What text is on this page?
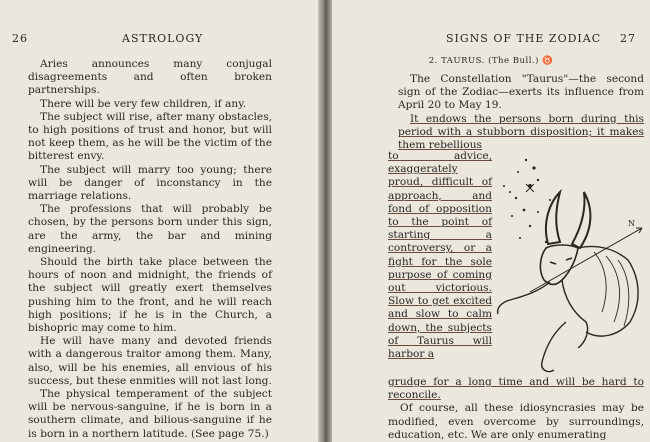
26	ASTROLOGY

Aries announces many conjugal disagreements and often broken partnerships.

There will be very few children, if any.

The subject will rise, after many obstacles, to high positions of trust and honor, but will not keep them, as he will be the victim of the bitterest envy.

The subject will marry too young; there will be danger of inconstancy in the marriage relations.

The professions that will probably be chosen, by the persons born under this sign, are the army, the bar and mining engineering.

Should the birth take place between the hours of noon and midnight, the friends of the subject will greatly exert themselves pushing him to the front, and he will reach high positions; if he is in the Church, a bishopric may come to him.

He will have many and devoted friends with a dangerous traitor among them. Many, also, will be his enemies, all envious of his success, but these enmities will not last long.

The physical temperament of the subject will be nervous-sanguine, if he is born in a southern climate, and bilious-sanguine if he is born in a northern latitude. (See page 75.)

SIGNS OF THE ZODIAC 27
2. TAURUS. (The Bull.) ♉

The Constellation "Taurus"—the second sign of the Zodiac—exerts its influence from April 20 to May 19.

It endows the persons born during this period with a stubborn disposition; it makes them rebellious

to advice, exaggerately proud, difficult of approach, and fond of opposition to the point of starting a controversy, or a fight for the sole purpose of coming out victorious. Slow to get excited and slow to calm down, the subjects of Taurus will harbor a

N

grudge for a long time and will be hard to reconcile.

Of course, all these idiosyncrasies may be modified, even overcome by surroundings, education, etc. We are only enumerating
